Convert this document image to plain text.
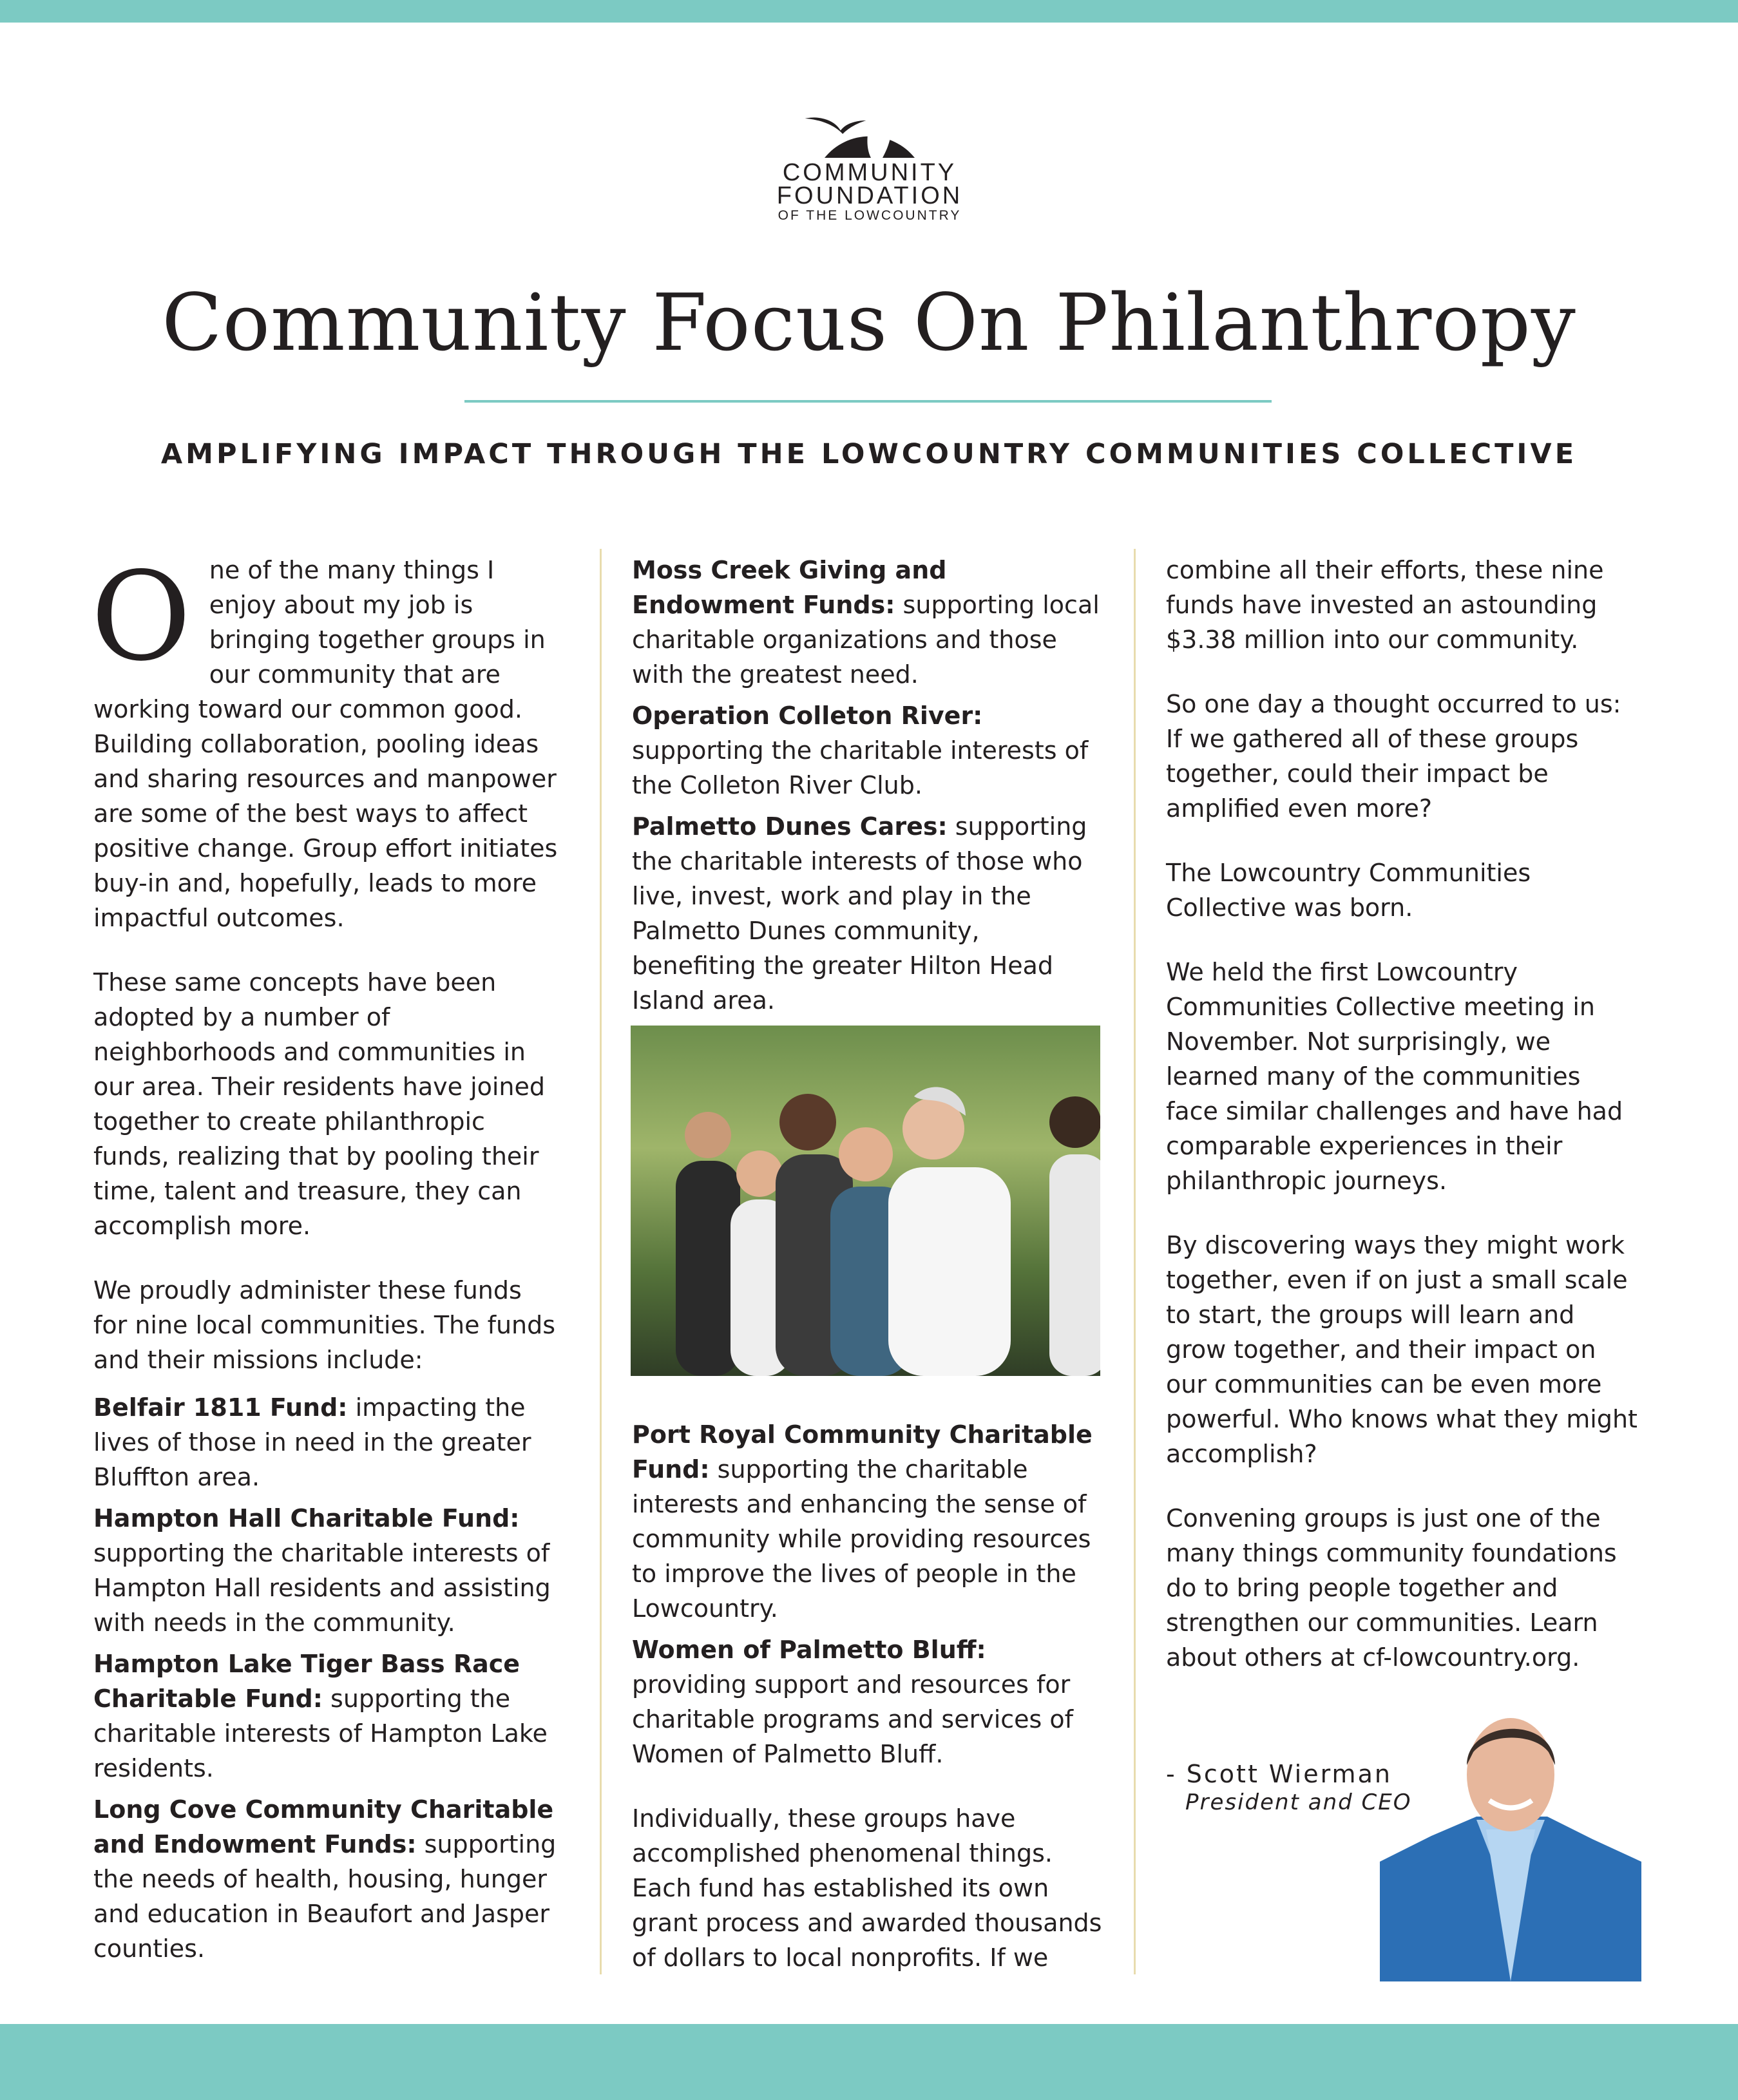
COMMUNITY
FOUNDATION
OF THE LOWCOUNTRY
Community Focus On Philanthropy
AMPLIFYING IMPACT THROUGH THE LOWCOUNTRY COMMUNITIES COLLECTIVE

One of the many things I enjoy about my job is bringing together groups in our community that are working toward our common good. Building collaboration, pooling ideas and sharing resources and manpower are some of the best ways to affect positive change. Group effort initiates buy-in and, hopefully, leads to more impactful outcomes.

These same concepts have been adopted by a number of neighborhoods and communities in our area. Their residents have joined together to create philanthropic funds, realizing that by pooling their time, talent and treasure, they can accomplish more.

We proudly administer these funds for nine local communities. The funds and their missions include:

Belfair 1811 Fund: impacting the lives of those in need in the greater Bluffton area.

Hampton Hall Charitable Fund: supporting the charitable interests of Hampton Hall residents and assisting with needs in the community.

Hampton Lake Tiger Bass Race Charitable Fund: supporting the charitable interests of Hampton Lake residents.

Long Cove Community Charitable and Endowment Funds: supporting the needs of health, housing, hunger and education in Beaufort and Jasper counties.

Moss Creek Giving and Endowment Funds: supporting local charitable organizations and those with the greatest need.

Operation Colleton River: supporting the charitable interests of the Colleton River Club.

Palmetto Dunes Cares: supporting the charitable interests of those who live, invest, work and play in the Palmetto Dunes community, benefiting the greater Hilton Head Island area.

Port Royal Community Charitable Fund: supporting the charitable interests and enhancing the sense of community while providing resources to improve the lives of people in the Lowcountry.

Women of Palmetto Bluff: providing support and resources for charitable programs and services of Women of Palmetto Bluff.

Individually, these groups have accomplished phenomenal things. Each fund has established its own grant process and awarded thousands of dollars to local nonprofits. If we

combine all their efforts, these nine funds have invested an astounding $3.38 million into our community.

So one day a thought occurred to us: If we gathered all of these groups together, could their impact be amplified even more?

The Lowcountry Communities Collective was born.

We held the first Lowcountry Communities Collective meeting in November. Not surprisingly, we learned many of the communities face similar challenges and have had comparable experiences in their philanthropic journeys.

By discovering ways they might work together, even if on just a small scale to start, the groups will learn and grow together, and their impact on our communities can be even more powerful. Who knows what they might accomplish?

Convening groups is just one of the many things community foundations do to bring people together and strengthen our communities. Learn about others at cf-lowcountry.org.

- Scott Wierman
President and CEO
